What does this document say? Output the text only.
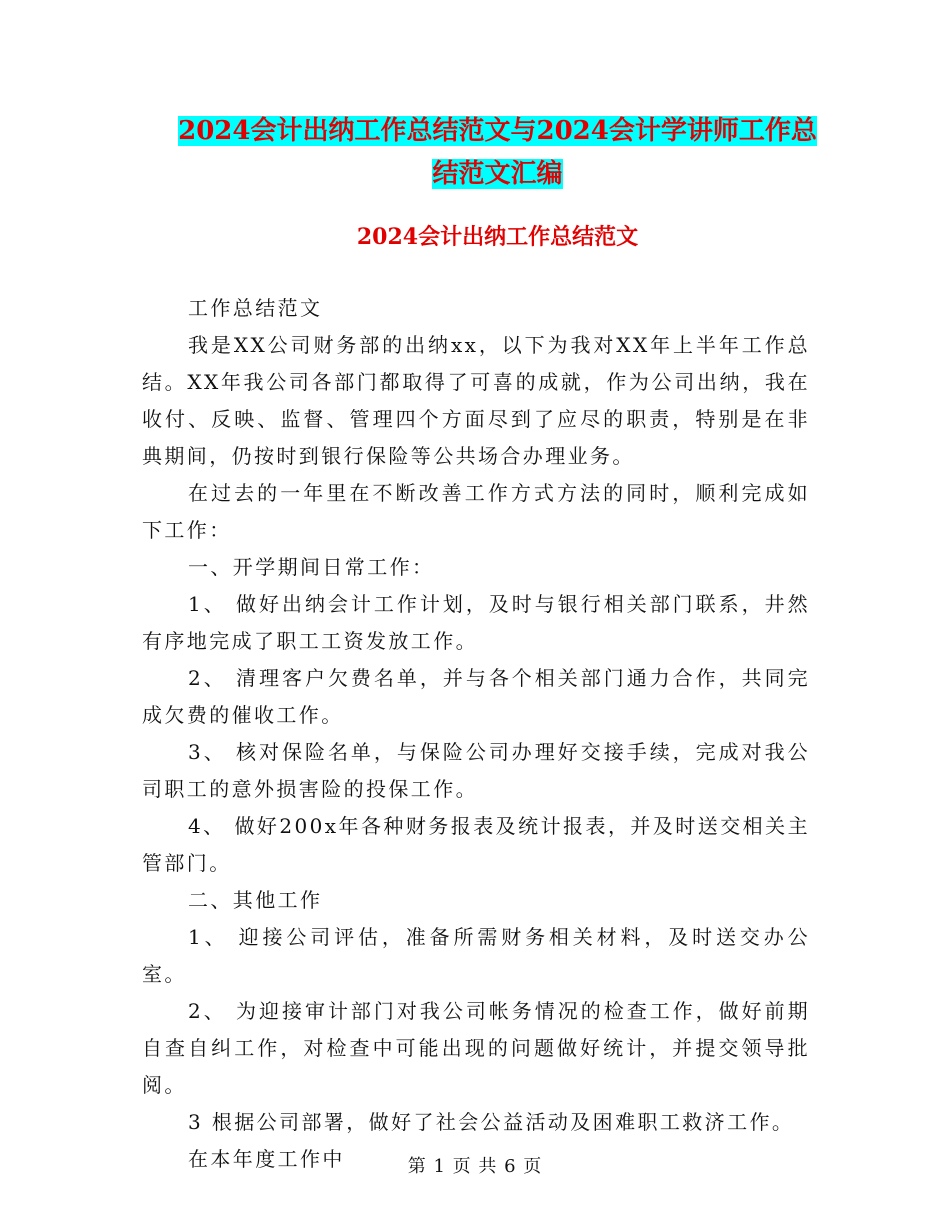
2024会计出纳工作总结范文与2024会计学讲师工作总
结范文汇编
2024会计出纳工作总结范文

工作总结范文

我是XX公司财务部的出纳xx，以下为我对XX年上半年工作总结。XX年我公司各部门都取得了可喜的成就，作为公司出纳，我在收付、反映、监督、管理四个方面尽到了应尽的职责，特别是在非典期间，仍按时到银行保险等公共场合办理业务。

在过去的一年里在不断改善工作方式方法的同时，顺利完成如下工作：

一、开学期间日常工作：

1、 做好出纳会计工作计划，及时与银行相关部门联系，井然有序地完成了职工工资发放工作。

2、 清理客户欠费名单，并与各个相关部门通力合作，共同完成欠费的催收工作。

3、 核对保险名单，与保险公司办理好交接手续，完成对我公司职工的意外损害险的投保工作。

4、 做好200x年各种财务报表及统计报表，并及时送交相关主管部门。

二、其他工作

1、 迎接公司评估，准备所需财务相关材料，及时送交办公室。

2、 为迎接审计部门对我公司帐务情况的检查工作，做好前期自查自纠工作，对检查中可能出现的问题做好统计，并提交领导批阅。

3 根据公司部署，做好了社会公益活动及困难职工救济工作。

在本年度工作中	第 1 页 共 6 页
